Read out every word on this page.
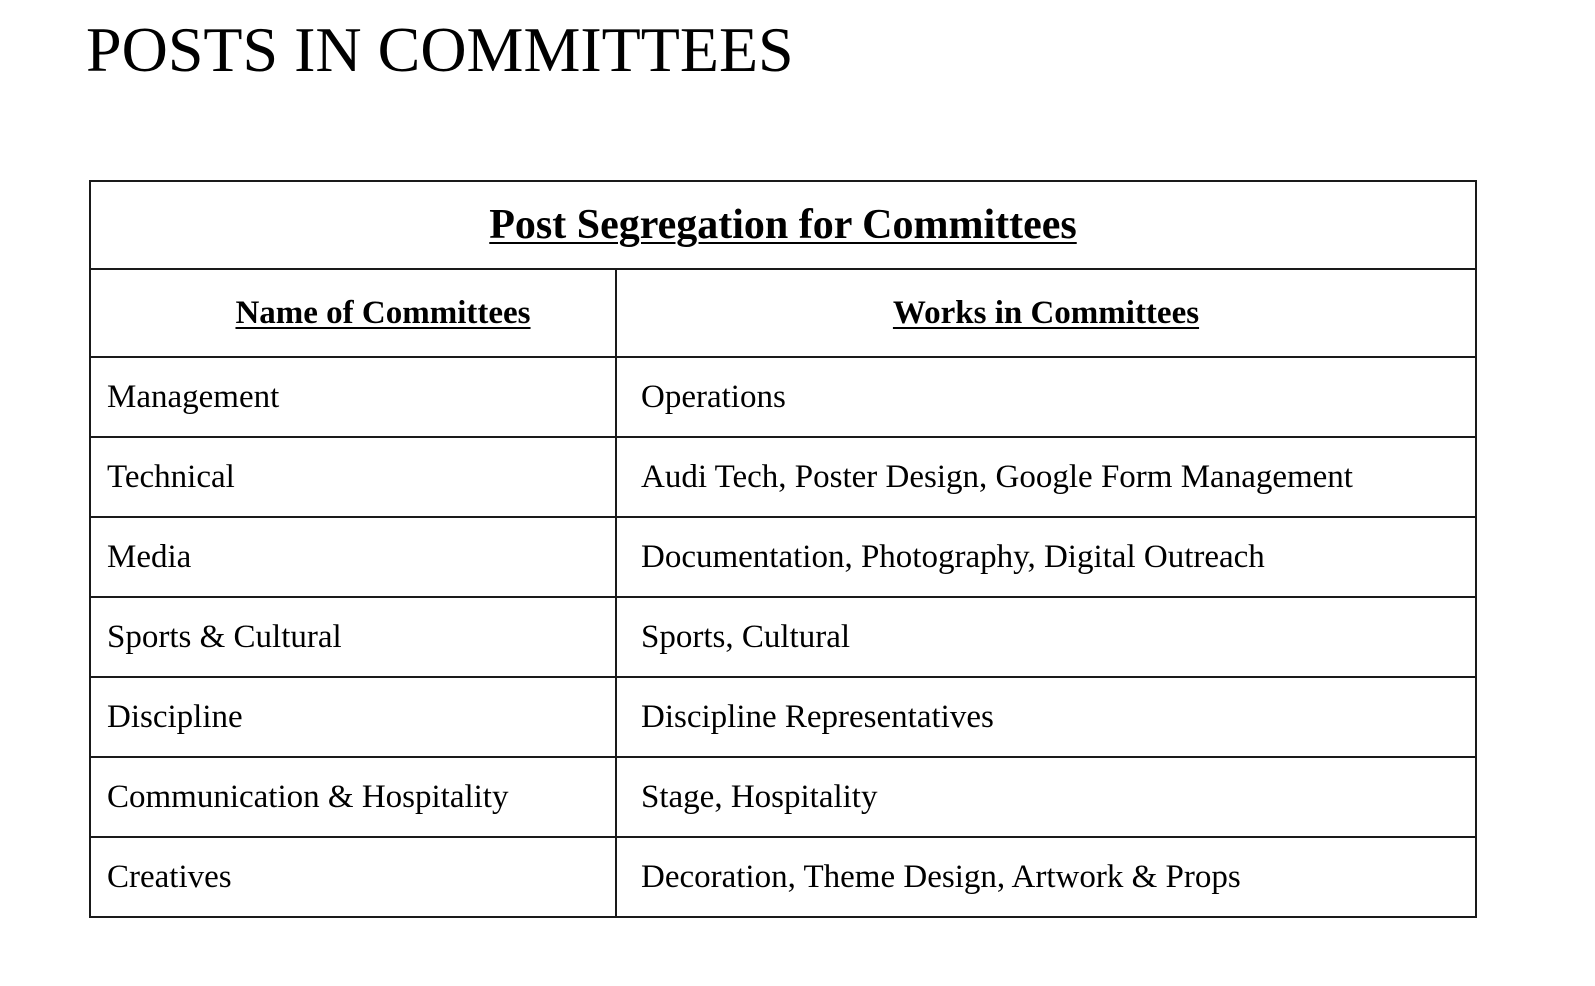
POSTS IN COMMITTEES
Post Segregation for Committees	
Name of Committees	Works in Committees
Management	Operations
Technical	Audi Tech, Poster Design, Google Form Management
Media	Documentation, Photography, Digital Outreach
Sports & Cultural	Sports, Cultural
Discipline	Discipline Representatives
Communication & Hospitality	Stage, Hospitality
Creatives	Decoration, Theme Design, Artwork & Props
